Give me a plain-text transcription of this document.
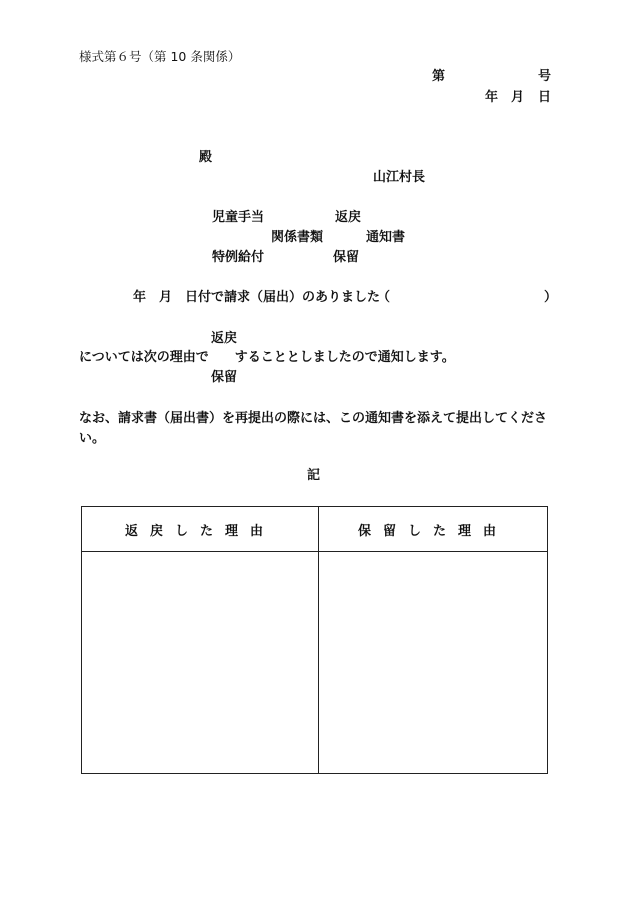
様式第６号（第 10 条関係）
第	号
年 月 日
殿
山江村長
児童手当
関係書類
特例給付
返戻
通知書
保留
年　月　日付で請求（届出）のありました
（	）
返戻
については次の理由で　　することとしましたので通知します。
保留
なお、請求書（届出書）を再提出の際には、この通知書を添えて提出してください。
記
返戻した理由	保留した理由
